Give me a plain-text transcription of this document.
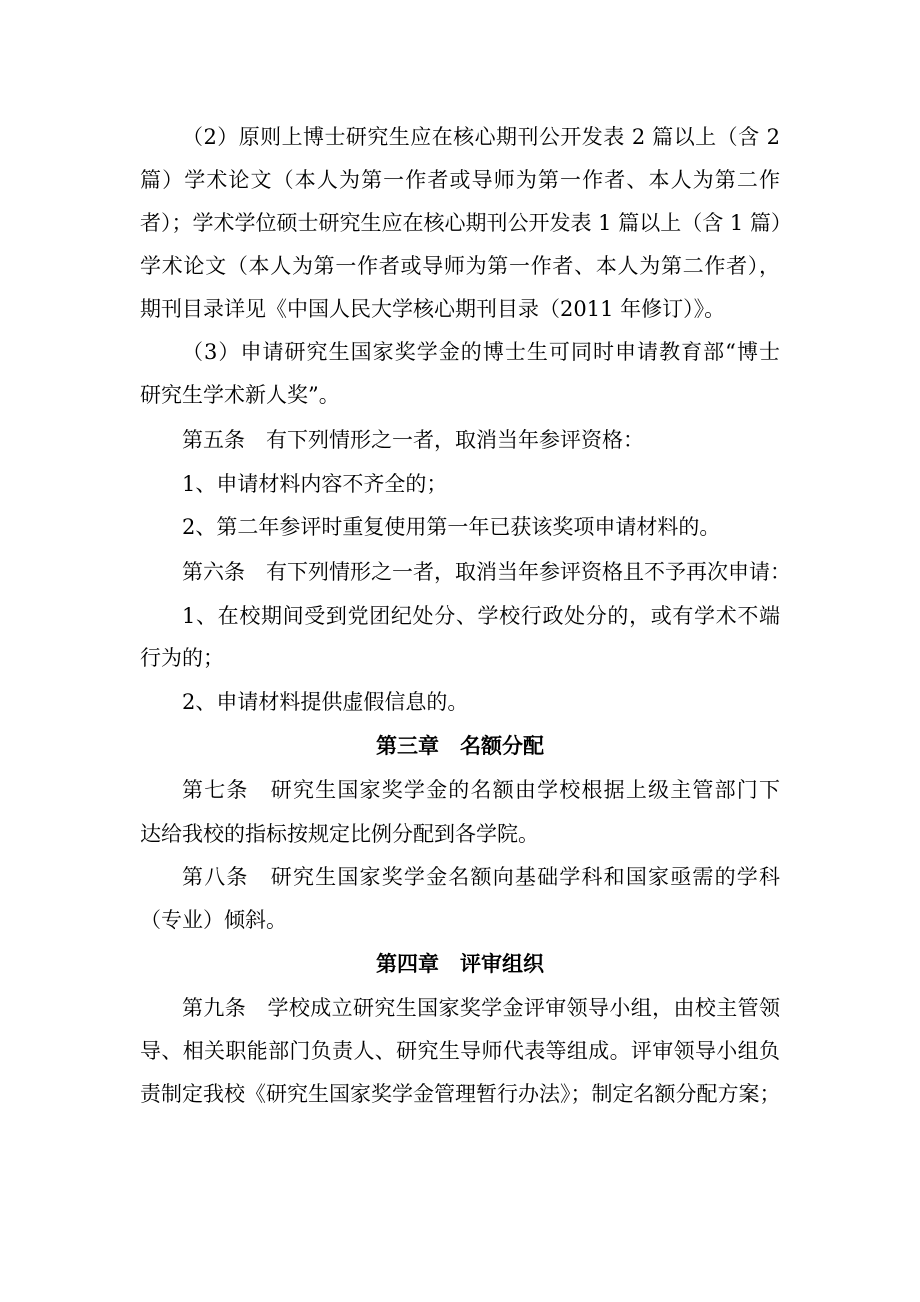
（2）原则上博士研究生应在核心期刊公开发表 2 篇以上（含 2
篇）学术论文（本人为第一作者或导师为第一作者、本人为第二作
者）；学术学位硕士研究生应在核心期刊公开发表 1 篇以上（含 1 篇）
学术论文（本人为第一作者或导师为第一作者、本人为第二作者），
期刊目录详见《中国人民大学核心期刊目录（2011 年修订）》。
（3）申请研究生国家奖学金的博士生可同时申请教育部“博士
研究生学术新人奖”。
第五条　有下列情形之一者，取消当年参评资格：
1、申请材料内容不齐全的；
2、第二年参评时重复使用第一年已获该奖项申请材料的。
第六条　有下列情形之一者，取消当年参评资格且不予再次申请：
1、在校期间受到党团纪处分、学校行政处分的，或有学术不端
行为的；
2、申请材料提供虚假信息的。
第三章　名额分配
第七条　研究生国家奖学金的名额由学校根据上级主管部门下
达给我校的指标按规定比例分配到各学院。
第八条　研究生国家奖学金名额向基础学科和国家亟需的学科
（专业）倾斜。
第四章　评审组织
第九条　学校成立研究生国家奖学金评审领导小组，由校主管领
导、相关职能部门负责人、研究生导师代表等组成。评审领导小组负
责制定我校《研究生国家奖学金管理暂行办法》；制定名额分配方案；
